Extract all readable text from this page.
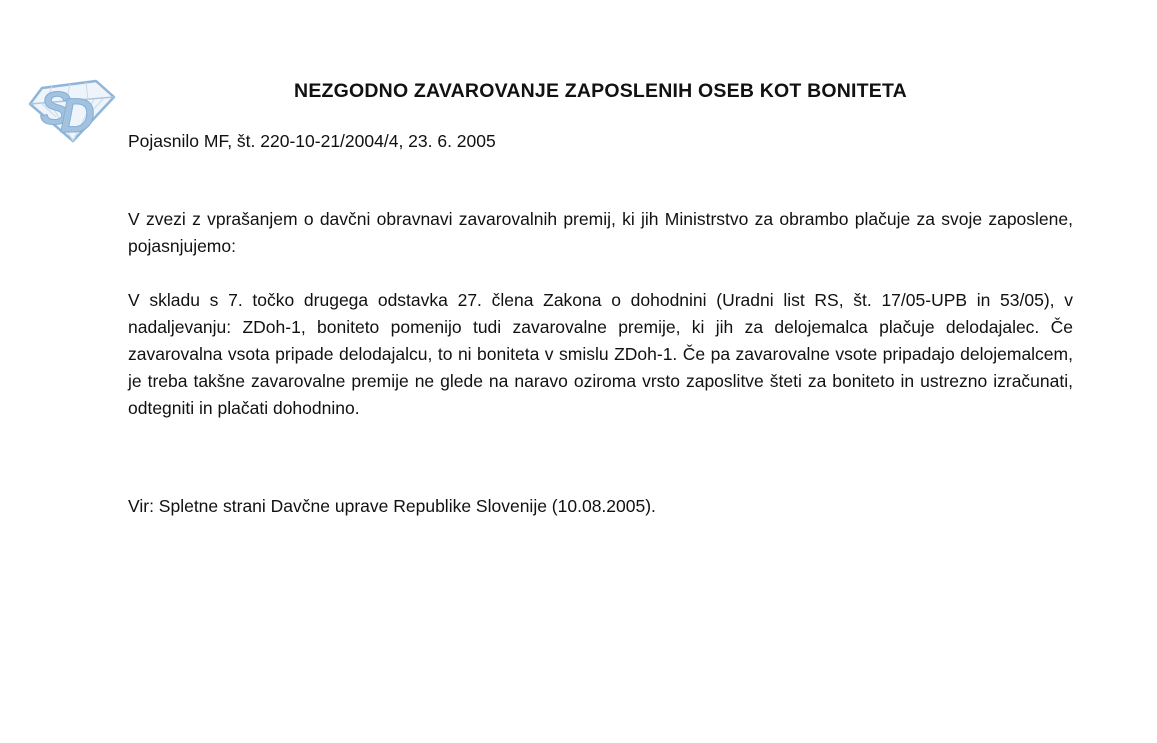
S
D	NEZGODNO ZAVAROVANJE ZAPOSLENIH OSEB KOT BONITETA

Pojasnilo MF, št. 220-10-21/2004/4, 23. 6. 2005

V zvezi z vprašanjem o davčni obravnavi zavarovalnih premij, ki jih Ministrstvo za obrambo plačuje za svoje zaposlene, pojasnjujemo:

V skladu s 7. točko drugega odstavka 27. člena Zakona o dohodnini (Uradni list RS, št. 17/05-UPB in 53/05), v nadaljevanju: ZDoh-1, boniteto pomenijo tudi zavarovalne premije, ki jih za delojemalca plačuje delodajalec. Če zavarovalna vsota pripade delodajalcu, to ni boniteta v smislu ZDoh-1. Če pa zavarovalne vsote pripadajo delojemalcem, je treba takšne zavarovalne premije ne glede na naravo oziroma vrsto zaposlitve šteti za boniteto in ustrezno izračunati, odtegniti in plačati dohodnino.

Vir: Spletne strani Davčne uprave Republike Slovenije (10.08.2005).
